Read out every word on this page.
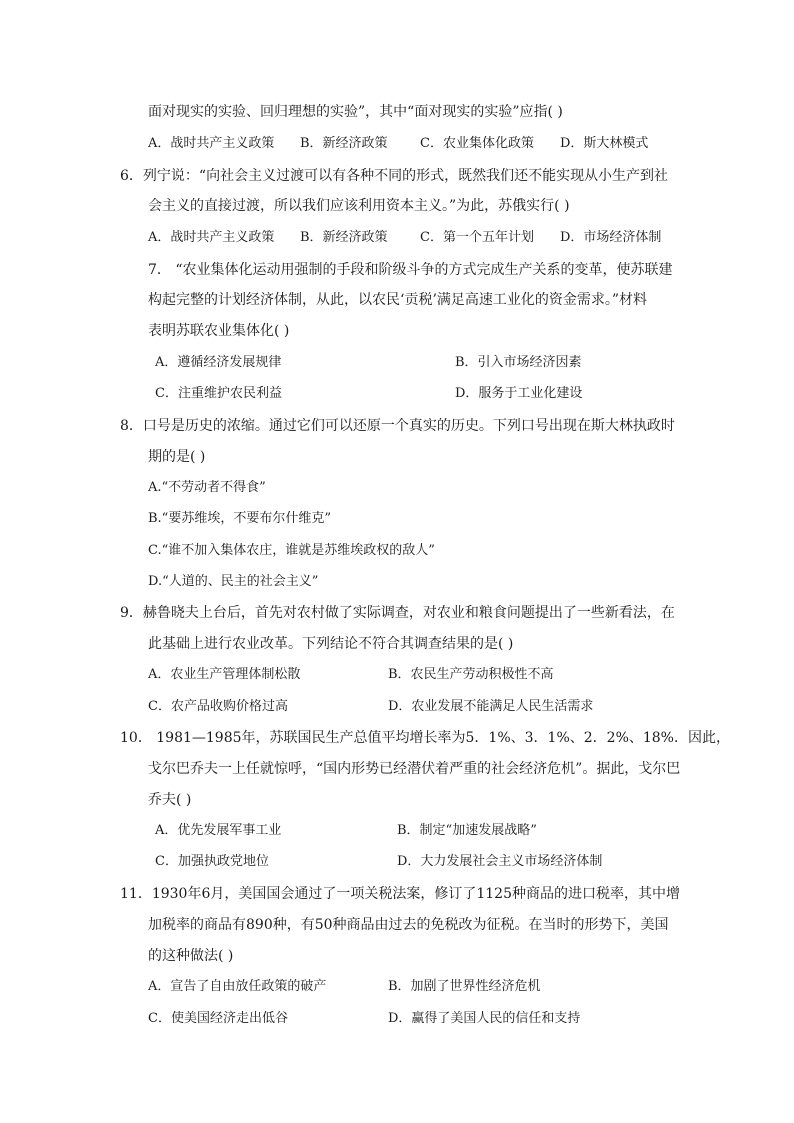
面对现实的实验、回归理想的实验”，其中“面对现实的实验”应指( )
A．战时共产主义政策 B．新经济政策 C．农业集体化政策 D．斯大林模式
6．列宁说：“向社会主义过渡可以有各种不同的形式，既然我们还不能实现从小生产到社
会主义的直接过渡，所以我们应该利用资本主义。”为此，苏俄实行( )
A．战时共产主义政策 B．新经济政策 C．第一个五年计划 D．市场经济体制
7． “农业集体化运动用强制的手段和阶级斗争的方式完成生产关系的变革，使苏联建
构起完整的计划经济体制，从此，以农民‘贡税’满足高速工业化的资金需求。”材料
表明苏联农业集体化( )
A．遵循经济发展规律	B．引入市场经济因素
C．注重维护农民利益	D．服务于工业化建设
8．口号是历史的浓缩。通过它们可以还原一个真实的历史。下列口号出现在斯大林执政时
期的是( )
A.“不劳动者不得食”
B.“要苏维埃，不要布尔什维克”
C.“谁不加入集体农庄，谁就是苏维埃政权的敌人”
D.“人道的、民主的社会主义”
9．赫鲁晓夫上台后，首先对农村做了实际调查，对农业和粮食问题提出了一些新看法，在
此基础上进行农业改革。下列结论不符合其调查结果的是( )
A．农业生产管理体制松散	B．农民生产劳动积极性不高
C．农产品收购价格过高	D．农业发展不能满足人民生活需求
10． 1981—1985年，苏联国民生产总值平均增长率为5．1%、3．1%、2．2%、18%．因此，
戈尔巴乔夫一上任就惊呼，“国内形势已经潜伏着严重的社会经济危机”。据此，戈尔巴
乔夫( )
A．优先发展军事工业	B．制定“加速发展战略”
C．加强执政党地位	D．大力发展社会主义市场经济体制
11．1930年6月，美国国会通过了一项关税法案，修订了1125种商品的进口税率，其中增
加税率的商品有890种，有50种商品由过去的免税改为征税。在当时的形势下，美国
的这种做法( )
A．宣告了自由放任政策的破产	B．加剧了世界性经济危机
C．使美国经济走出低谷	D．赢得了美国人民的信任和支持
